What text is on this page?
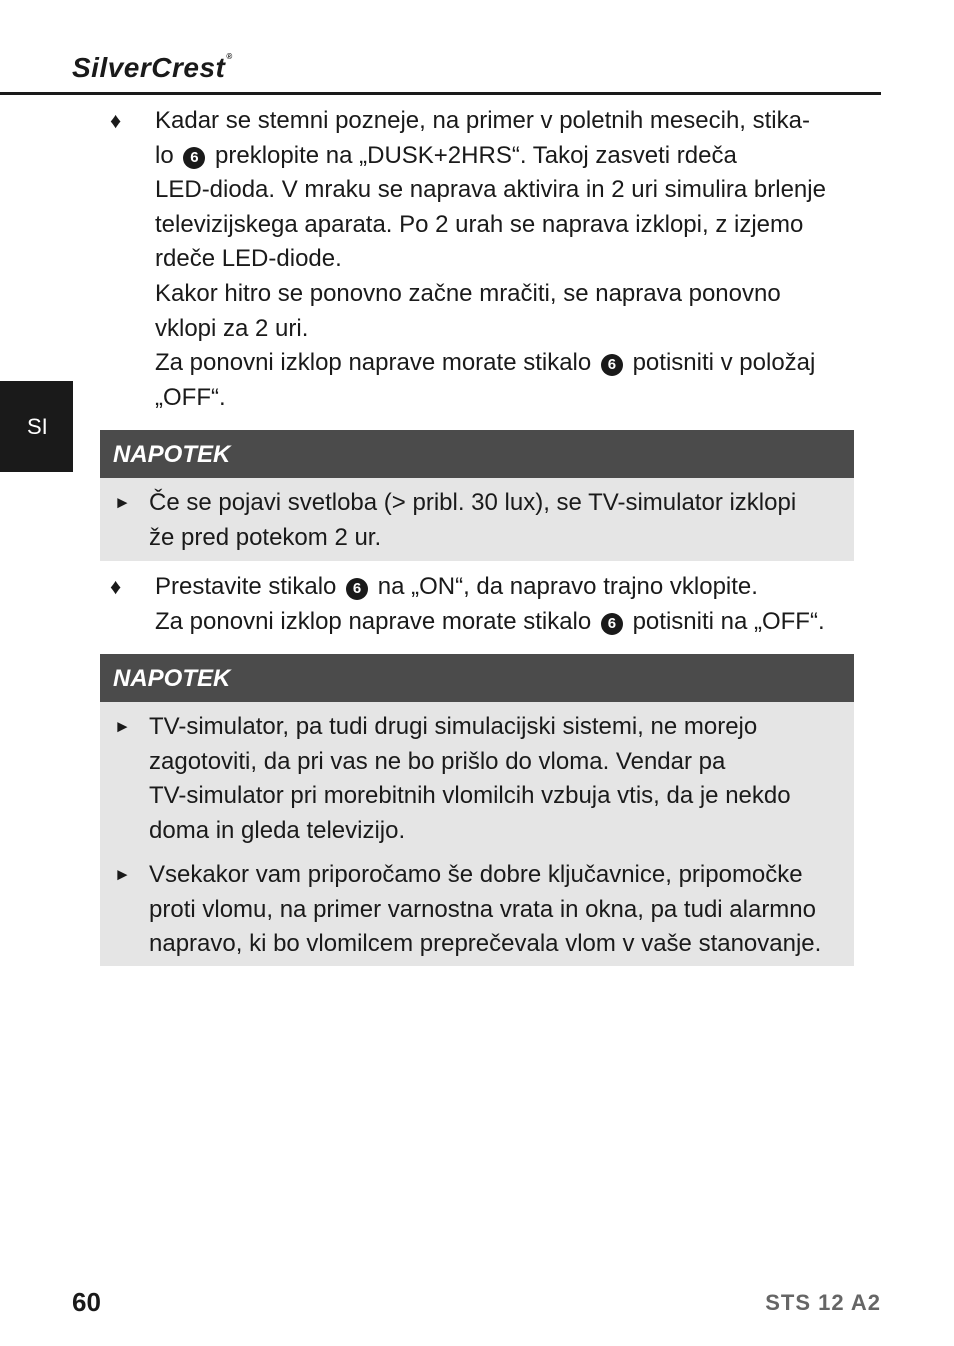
SilverCrest®
SI
♦ Kadar se stemni pozneje, na primer v poletnih mesecih, stika-
lo 6 preklopite na „DUSK+2HRS“. Takoj zasveti rdeča
LED-dioda. V mraku se naprava aktivira in 2 uri simulira brlenje
televizijskega aparata. Po 2 urah se naprava izklopi, z izjemo
rdeče LED-diode.
Kakor hitro se ponovno začne mračiti, se naprava ponovno
vklopi za 2 uri.
Za ponovni izklop naprave morate stikalo 6 potisniti v položaj
„OFF“.
NAPOTEK
► Če se pojavi svetloba (> pribl. 30 lux), se TV-simulator izklopi
že pred potekom 2 ur.
♦ Prestavite stikalo 6 na „ON“, da napravo trajno vklopite.
Za ponovni izklop naprave morate stikalo 6 potisniti na „OFF“.
NAPOTEK
► TV-simulator, pa tudi drugi simulacijski sistemi, ne morejo
zagotoviti, da pri vas ne bo prišlo do vloma. Vendar pa
TV-simulator pri morebitnih vlomilcih vzbuja vtis, da je nekdo
doma in gleda televizijo.
► Vsekakor vam priporočamo še dobre ključavnice, pripomočke
proti vlomu, na primer varnostna vrata in okna, pa tudi alarmno
napravo, ki bo vlomilcem preprečevala vlom v vaše stanovanje.
60	STS 12 A2
